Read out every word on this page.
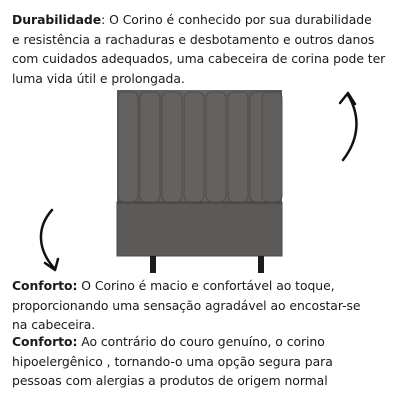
Durabilidade: O Corino é conhecido por sua durabilidade
e resistência a rachaduras e desbotamento e outros danos
com cuidados adequados, uma cabeceira de corina pode ter
luma vida útil e prolongada.
Conforto: O Corino é macio e confortável ao toque,
proporcionando uma sensação agradável ao encostar-se
na cabeceira.
Conforto: Ao contrário do couro genuíno, o corino
hipoelergênico , tornando-o uma opção segura para
pessoas com alergias a produtos de origem normal
